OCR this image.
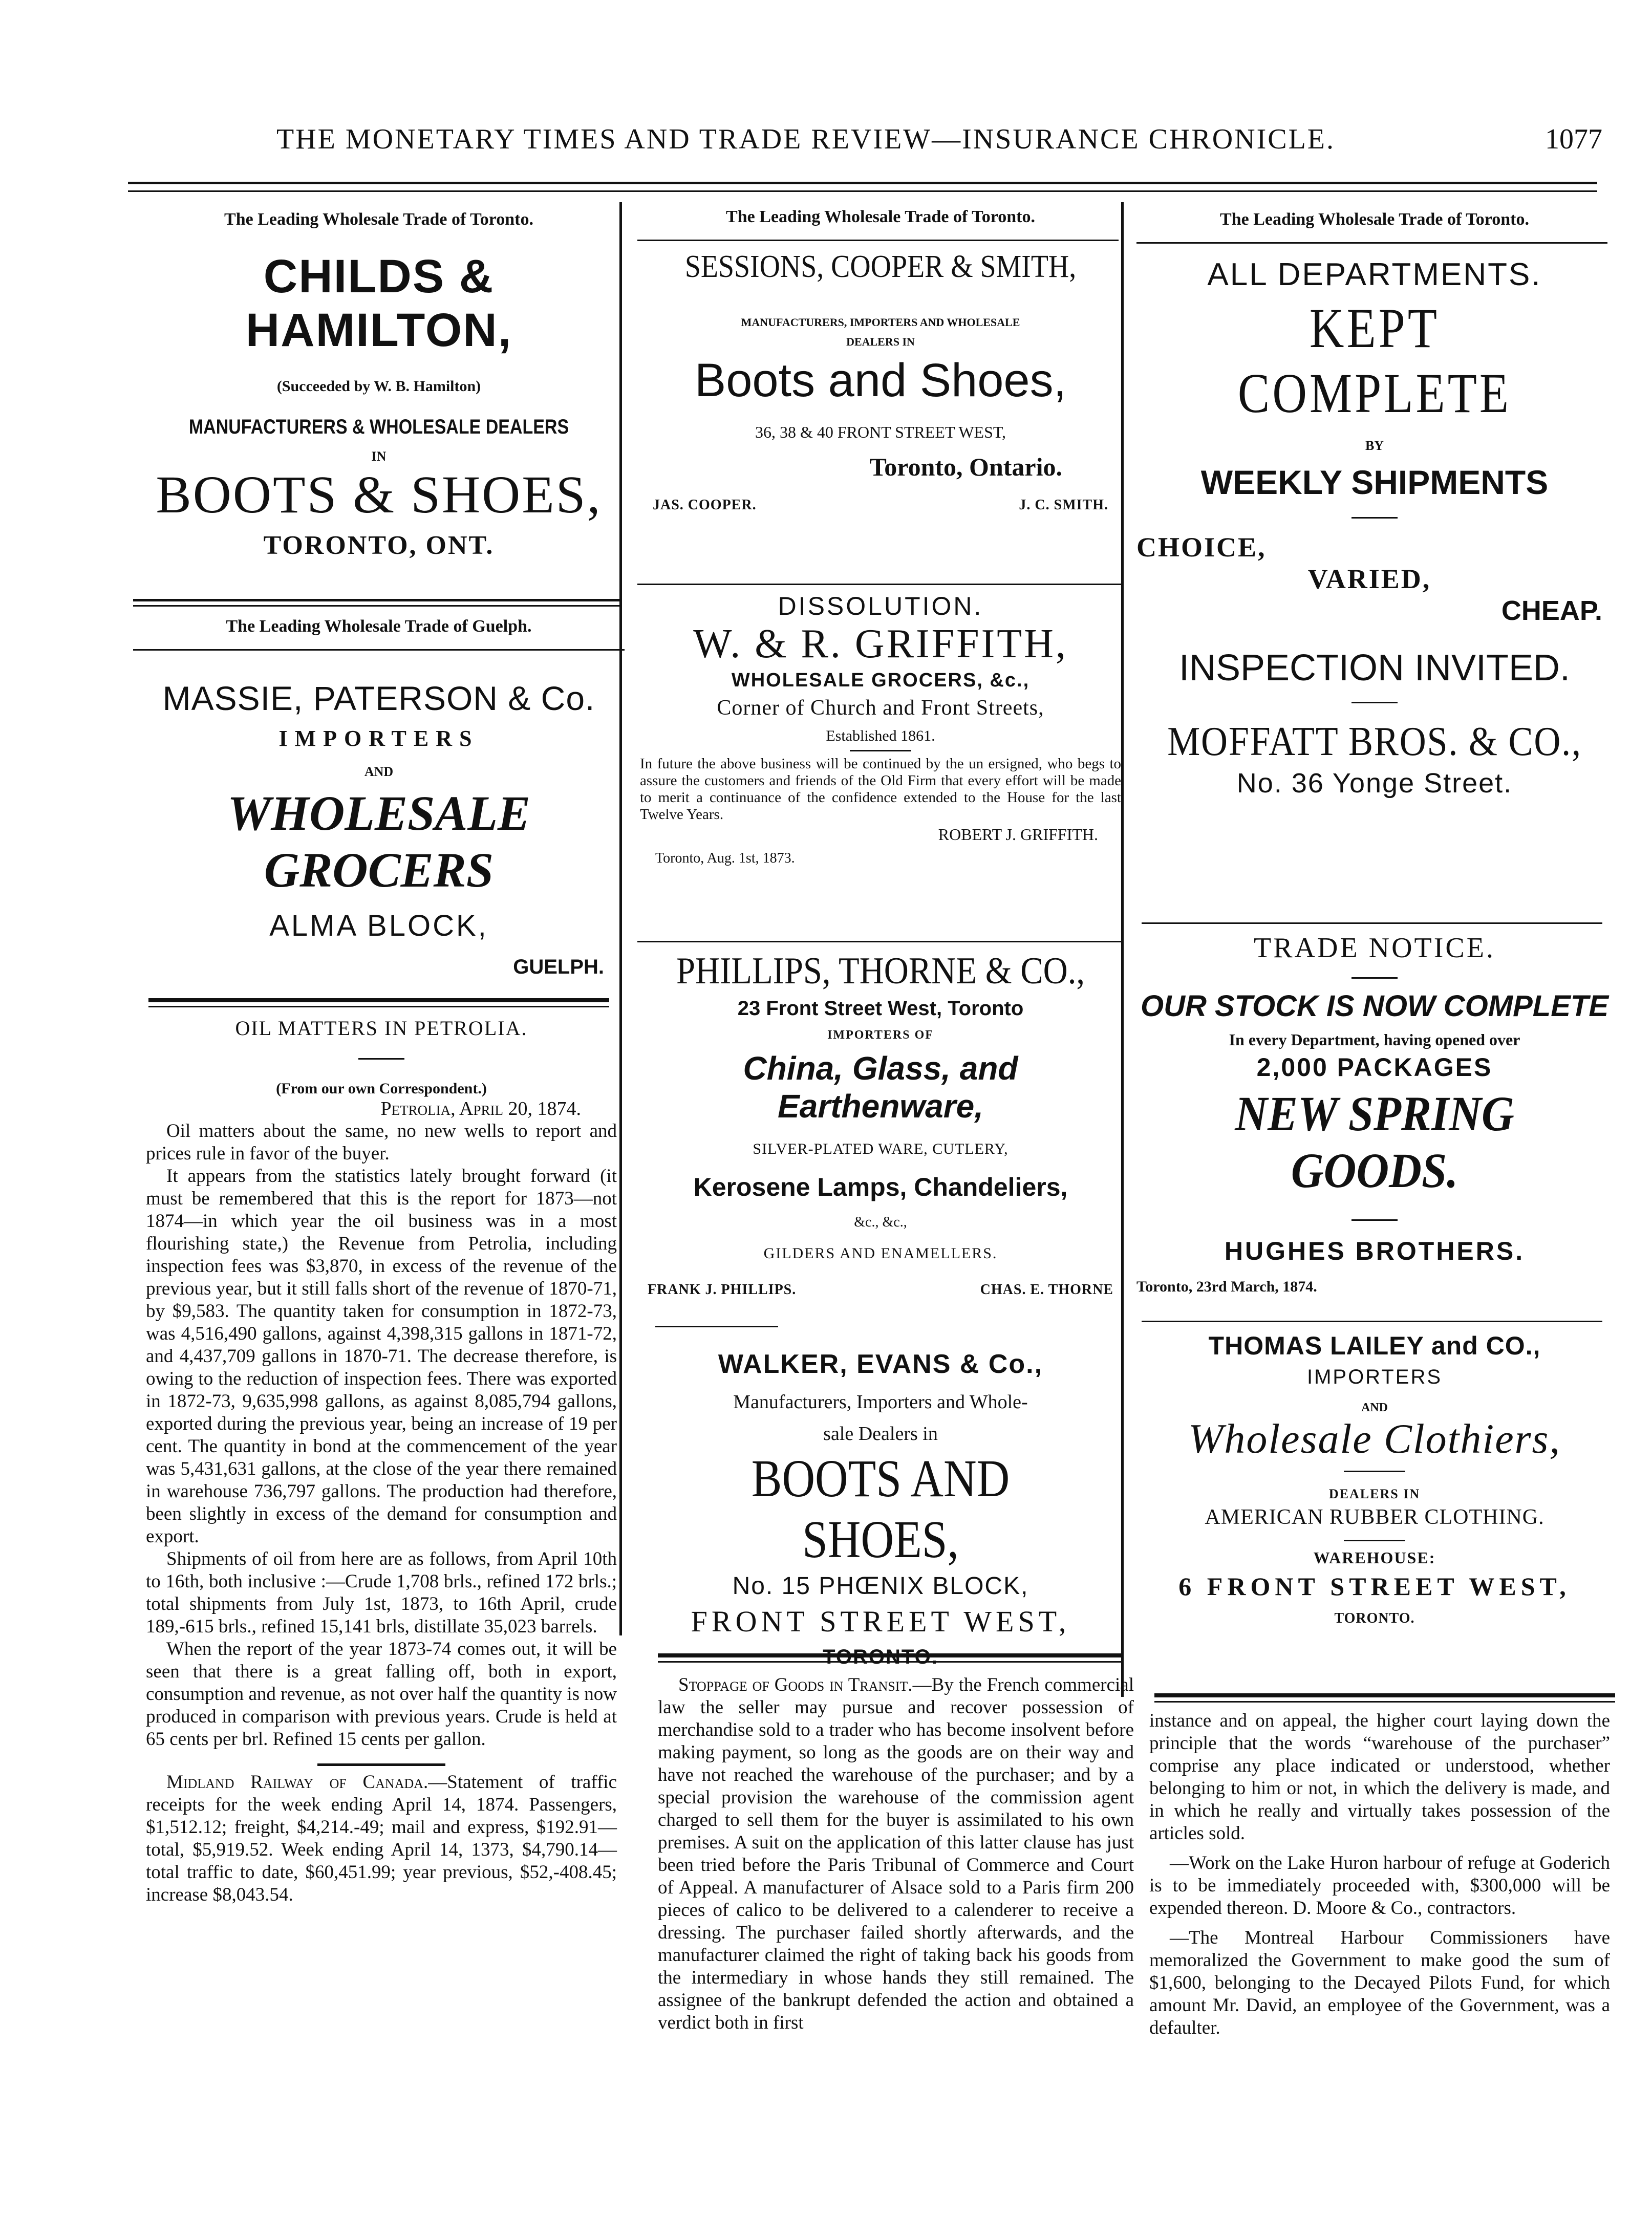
THE MONETARY TIMES AND TRADE REVIEW—INSURANCE CHRONICLE.	1077
The Leading Wholesale Trade of Toronto.
CHILDS & HAMILTON,
(Succeeded by W. B. Hamilton)
MANUFACTURERS & WHOLESALE DEALERS
IN
BOOTS & SHOES,
TORONTO, ONT.
The Leading Wholesale Trade of Guelph.
MASSIE, PATERSON & Co.
IMPORTERS
AND
WHOLESALE GROCERS
ALMA BLOCK,
GUELPH.
OIL MATTERS IN PETROLIA.
(From our own Correspondent.)
Petrolia, April 20, 1874.

Oil matters about the same, no new wells to report and prices rule in favor of the buyer.

It appears from the statistics lately brought forward (it must be remembered that this is the report for 1873—not 1874—in which year the oil business was in a most flourishing state,) the Revenue from Petrolia, including inspection fees was $3,870, in excess of the revenue of the previous year, but it still falls short of the revenue of 1870-71, by $9,583. The quantity taken for consumption in 1872-73, was 4,516,490 gallons, against 4,398,315 gallons in 1871-72, and 4,437,709 gallons in 1870-71. The decrease therefore, is owing to the reduction of inspection fees. There was exported in 1872-73, 9,635,998 gallons, as against 8,085,794 gallons, exported during the previous year, being an increase of 19 per cent. The quantity in bond at the commencement of the year was 5,431,631 gallons, at the close of the year there remained in warehouse 736,797 gallons. The production had therefore, been slightly in excess of the demand for consumption and export.

Shipments of oil from here are as follows, from April 10th to 16th, both inclusive :—Crude 1,708 brls., refined 172 brls.; total shipments from July 1st, 1873, to 16th April, crude 189,-615 brls., refined 15,141 brls, distillate 35,023 barrels.

When the report of the year 1873-74 comes out, it will be seen that there is a great falling off, both in export, consumption and revenue, as not over half the quantity is now produced in comparison with previous years. Crude is held at 65 cents per brl. Refined 15 cents per gallon.

Midland Railway of Canada.—Statement of traffic receipts for the week ending April 14, 1874. Passengers, $1,512.12; freight, $4,214.-49; mail and express, $192.91—total, $5,919.52. Week ending April 14, 1373, $4,790.14—total traffic to date, $60,451.99; year previous, $52,-408.45; increase $8,043.54.

The Leading Wholesale Trade of Toronto.
SESSIONS, COOPER & SMITH,
MANUFACTURERS, IMPORTERS AND WHOLESALE
DEALERS IN
Boots and Shoes,
36, 38 & 40 FRONT STREET WEST,
Toronto, Ontario.
JAS. COOPER.	J. C. SMITH.
DISSOLUTION.
W. & R. GRIFFITH,
WHOLESALE GROCERS, &c.,
Corner of Church and Front Streets,
Established 1861.
In future the above business will be continued by the un ersigned, who begs to assure the customers and friends of the Old Firm that every effort will be made to merit a continuance of the confidence extended to the House for the last Twelve Years.
ROBERT J. GRIFFITH.
Toronto, Aug. 1st, 1873.
PHILLIPS, THORNE & CO.,
23 Front Street West, Toronto
IMPORTERS OF
China, Glass, and Earthenware,
SILVER-PLATED WARE, CUTLERY,
Kerosene Lamps, Chandeliers,
&c., &c.,
GILDERS AND ENAMELLERS.
FRANK J. PHILLIPS.	CHAS. E. THORNE
WALKER, EVANS & Co.,
Manufacturers, Importers and Whole-
sale Dealers in
BOOTS AND SHOES,
No. 15 PHŒNIX BLOCK,
FRONT STREET WEST,

Stoppage of Goods in Transit.—By the French commercial law the seller may pursue and recover possession of merchandise sold to a trader who has become insolvent before making payment, so long as the goods are on their way and have not reached the warehouse of the purchaser; and by a special provision the warehouse of the commission agent charged to sell them for the buyer is assimilated to his own premises. A suit on the application of this latter clause has just been tried before the Paris Tribunal of Commerce and Court of Appeal. A manufacturer of Alsace sold to a Paris firm 200 pieces of calico to be delivered to a calenderer to receive a dressing. The purchaser failed shortly afterwards, and the manufacturer claimed the right of taking back his goods from the intermediary in whose hands they still remained. The assignee of the bankrupt defended the action and obtained a verdict both in first

The Leading Wholesale Trade of Toronto.
ALL DEPARTMENTS.
KEPT COMPLETE
BY
WEEKLY SHIPMENTS
CHOICE,
VARIED,
CHEAP.
INSPECTION INVITED.
MOFFATT BROS. & CO.,
No. 36 Yonge Street.
TRADE NOTICE.
OUR STOCK IS NOW COMPLETE
In every Department, having opened over
2,000 PACKAGES
NEW SPRING GOODS.
HUGHES BROTHERS.
Toronto, 23rd March, 1874.
THOMAS LAILEY and CO.,
IMPORTERS
AND
Wholesale Clothiers,
DEALERS IN
AMERICAN RUBBER CLOTHING.
WAREHOUSE:
6 FRONT STREET WEST,
TORONTO.

instance and on appeal, the higher court laying down the principle that the words “warehouse of the purchaser” comprise any place indicated or understood, whether belonging to him or not, in which the delivery is made, and in which he really and virtually takes possession of the articles sold.

—Work on the Lake Huron harbour of refuge at Goderich is to be immediately proceeded with, $300,000 will be expended thereon. D. Moore & Co., contractors.

—The Montreal Harbour Commissioners have memoralized the Government to make good the sum of $1,600, belonging to the Decayed Pilots Fund, for which amount Mr. David, an employee of the Government, was a defaulter.
